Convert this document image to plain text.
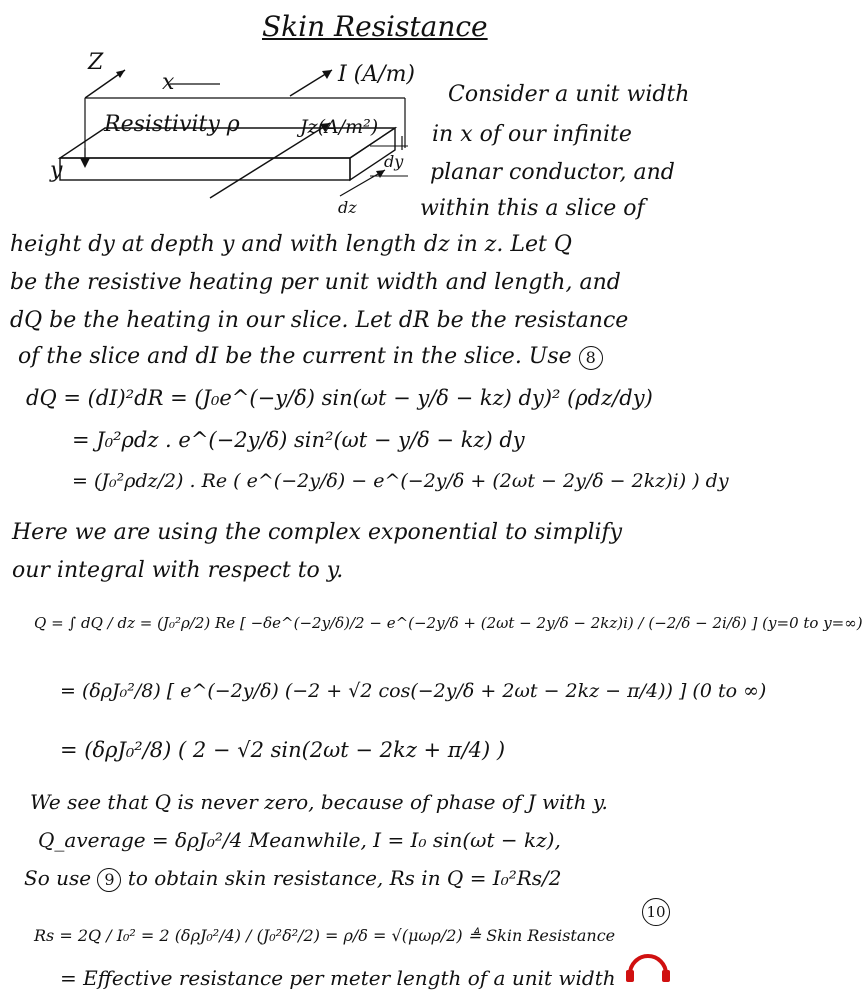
Skin Resistance
Z
x
y
I (A/m)
Resistivity ρ	Jz(A/m²)
dy
dz
Consider a unit width
in x of our infinite
planar conductor, and
within this a slice of
height dy at depth y and with length dz in z. Let Q
be the resistive heating per unit width and length, and
dQ be the heating in our slice. Let dR be the resistance
of the slice and dI be the current in the slice. Use 8
dQ = (dI)²dR = (J₀e^(−y/δ) sin(ωt − y/δ − kz) dy)² (ρdz/dy)
= J₀²ρdz . e^(−2y/δ) sin²(ωt − y/δ − kz) dy
= (J₀²ρdz/2) . Re ( e^(−2y/δ) − e^(−2y/δ + (2ωt − 2y/δ − 2kz)i) ) dy
Here we are using the complex exponential to simplify
our integral with respect to y.
Q = ∫ dQ / dz = (J₀²ρ/2) Re [ −δe^(−2y/δ)/2 − e^(−2y/δ + (2ωt − 2y/δ − 2kz)i) / (−2/δ − 2i/δ) ] (y=0 to y=∞)
= (δρJ₀²/8) [ e^(−2y/δ) (−2 + √2 cos(−2y/δ + 2ωt − 2kz − π/4)) ] (0 to ∞)
= (δρJ₀²/8) ( 2 − √2 sin(2ωt − 2kz + π/4) )
We see that Q is never zero, because of phase of J with y.
Q_average = δρJ₀²/4 Meanwhile, I = I₀ sin(ωt − kz),
So use 9 to obtain skin resistance, Rs in Q = I₀²Rs/2
10
Rs = 2Q / I₀² = 2 (δρJ₀²/4) / (J₀²δ²/2) = ρ/δ = √(μωρ/2) ≜ Skin Resistance
= Effective resistance per meter length of a unit width
